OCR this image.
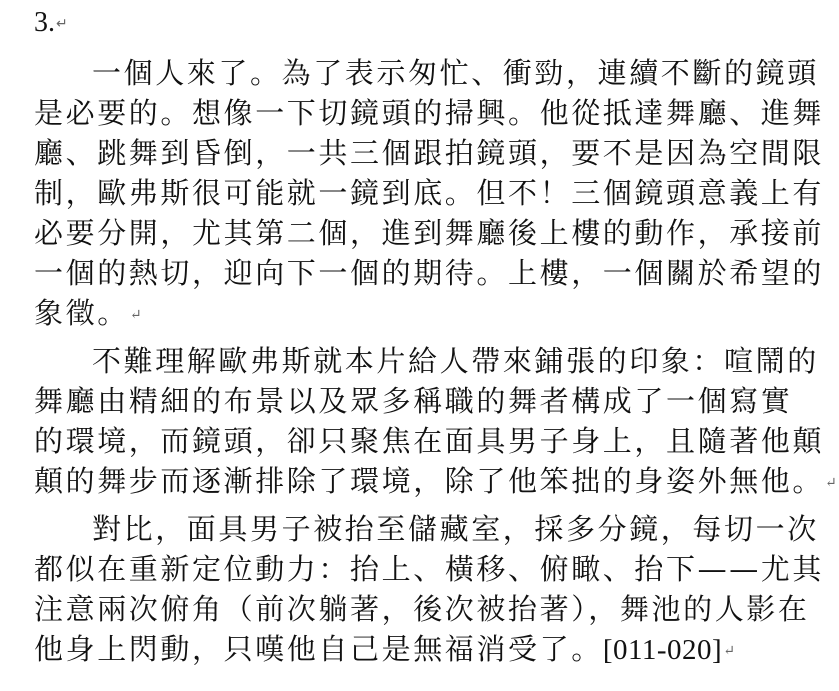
3.↵
一個人來了。為了表示匆忙、衝勁，連續不斷的鏡頭
是必要的。想像一下切鏡頭的掃興。他從抵達舞廳、進舞
廳、跳舞到昏倒，一共三個跟拍鏡頭，要不是因為空間限
制，歐弗斯很可能就一鏡到底。但不！三個鏡頭意義上有
必要分開，尤其第二個，進到舞廳後上樓的動作，承接前
一個的熱切，迎向下一個的期待。上樓，一個關於希望的
象徵。↵
不難理解歐弗斯就本片給人帶來鋪張的印象：喧鬧的
舞廳由精細的布景以及眾多稱職的舞者構成了一個寫實
的環境，而鏡頭，卻只聚焦在面具男子身上，且隨著他顛
顛的舞步而逐漸排除了環境，除了他笨拙的身姿外無他。↵
對比，面具男子被抬至儲藏室，採多分鏡，每切一次
都似在重新定位動力：抬上、橫移、俯瞰、抬下——尤其
注意兩次俯角（前次躺著，後次被抬著），舞池的人影在
他身上閃動，只嘆他自己是無福消受了。[011-020]↵
